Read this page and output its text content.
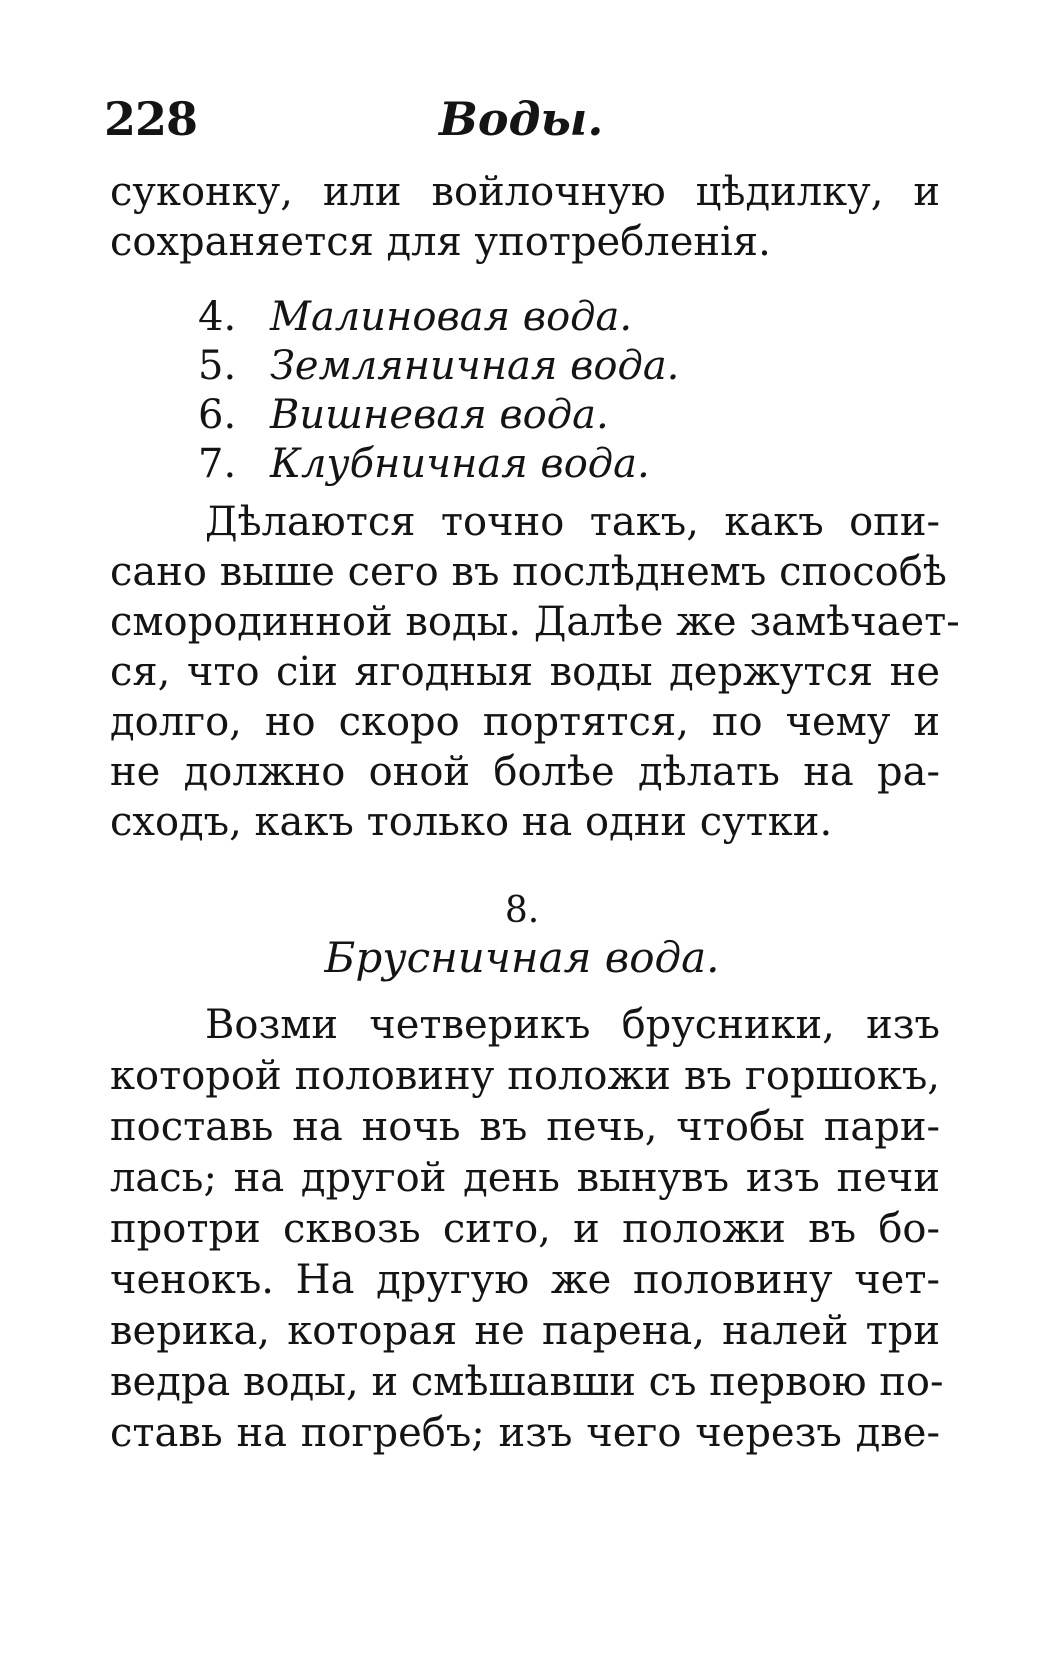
228	Воды.
суконку, или войлочную цѣдилку, и
сохраняется для употребленія.
4. Малиновая вода.
5. Земляничная вода.
6. Вишневая вода.
7. Клубничная вода.
Дѣлаются точно такъ, какъ опи-
сано выше сего въ послѣднемъ способѣ
смородинной воды. Далѣе же замѣчает-
ся, что сіи ягодныя воды держутся не
долго, но скоро портятся, по чему и
не должно оной болѣе дѣлать на ра-
сходъ, какъ только на одни сутки.
8.
Брусничная вода.
Возми четверикъ брусники, изъ
которой половину положи въ горшокъ,
поставь на ночь въ печь, чтобы пари-
лась; на другой день вынувъ изъ печи
протри сквозь сито, и положи въ бо-
ченокъ. На другую же половину чет-
верика, которая не парена, налей три
ведра воды, и смѣшавши съ первою по-
ставь на погребъ; изъ чего черезъ две-
